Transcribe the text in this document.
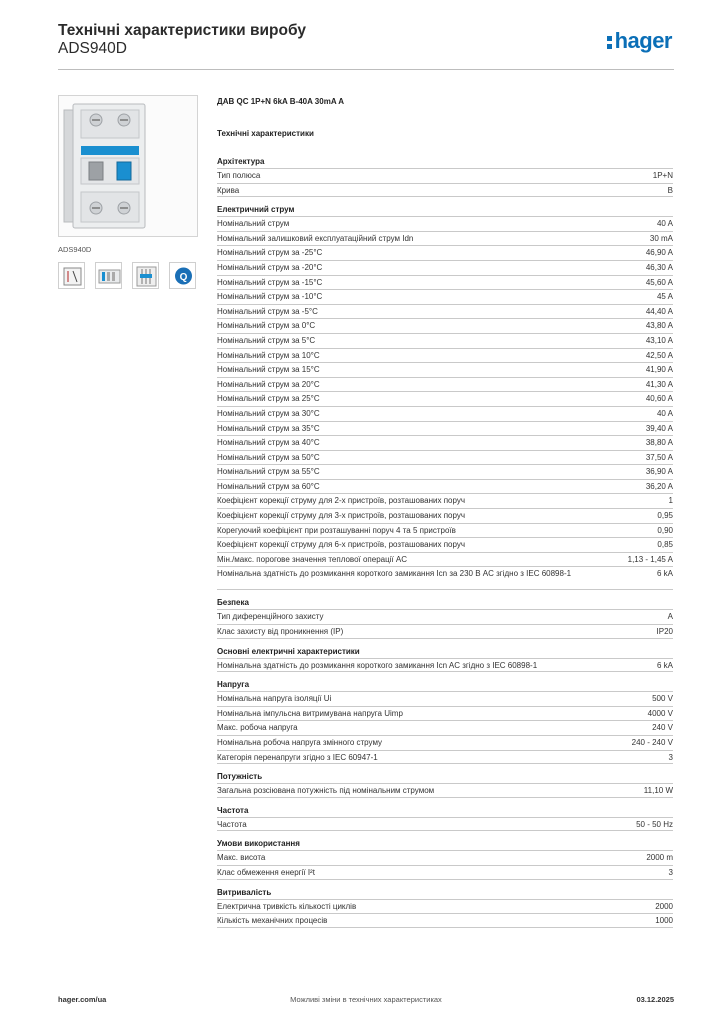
Технічні характеристики виробу
ADS940D	hager
ADS940D
Q
ДАВ QC 1P+N 6kA B-40A 30mA A
Технічні характеристики
Архітектура
Тип полюса	1P+N
Крива	B
Електричний струм
Номінальний струм	40 A
Номінальний залишковий експлуатаційний струм Idn	30 mA
Номінальний струм за -25°C	46,90 A
Номінальний струм за -20°C	46,30 A
Номінальний струм за -15°C	45,60 A
Номінальний струм за -10°C	45 A
Номінальний струм за -5°C	44,40 A
Номінальний струм за 0°C	43,80 A
Номінальний струм за 5°C	43,10 A
Номінальний струм за 10°C	42,50 A
Номінальний струм за 15°C	41,90 A
Номінальний струм за 20°C	41,30 A
Номінальний струм за 25°C	40,60 A
Номінальний струм за 30°C	40 A
Номінальний струм за 35°C	39,40 A
Номінальний струм за 40°C	38,80 A
Номінальний струм за 50°C	37,50 A
Номінальний струм за 55°C	36,90 A
Номінальний струм за 60°C	36,20 A
Коефіцієнт корекції струму для 2-х пристроїв, розташованих поруч	1
Коефіцієнт корекції струму для 3-х пристроїв, розташованих поруч	0,95
Корегуючий коефіцієнт при розташуванні поруч 4 та 5 пристроїв	0,90
Коефіцієнт корекції струму для 6-х пристроїв, розташованих поруч	0,85
Мін./макс. порогове значення теплової операції AC	1,13 - 1,45 A
Номінальна здатність до розмикання короткого замикання Icn за 230 В AC згідно з IEC 60898-1	6 kA
Безпека
Тип диференційного захисту	A
Клас захисту від проникнення (IP)	IP20
Основні електричні характеристики
Номінальна здатність до розмикання короткого замикання Icn AC згідно з IEC 60898-1	6 kA
Напруга
Номінальна напруга ізоляції Ui	500 V
Номінальна імпульсна витримувана напруга Uimp	4000 V
Макс. робоча напруга	240 V
Номінальна робоча напруга змінного струму	240 - 240 V
Категорія перенапруги згідно з IEC 60947-1	3
Потужність
Загальна розсіювана потужність під номінальним струмом	11,10 W
Частота
Частота	50 - 50 Hz
Умови використання
Макс. висота	2000 m
Клас обмеження енергії I²t	3
Витривалість
Електрична тривкість кількості циклів	2000
Кількість механічних процесів	1000
Можливі зміни в технічних характеристиках
hager.com/ua	03.12.2025
